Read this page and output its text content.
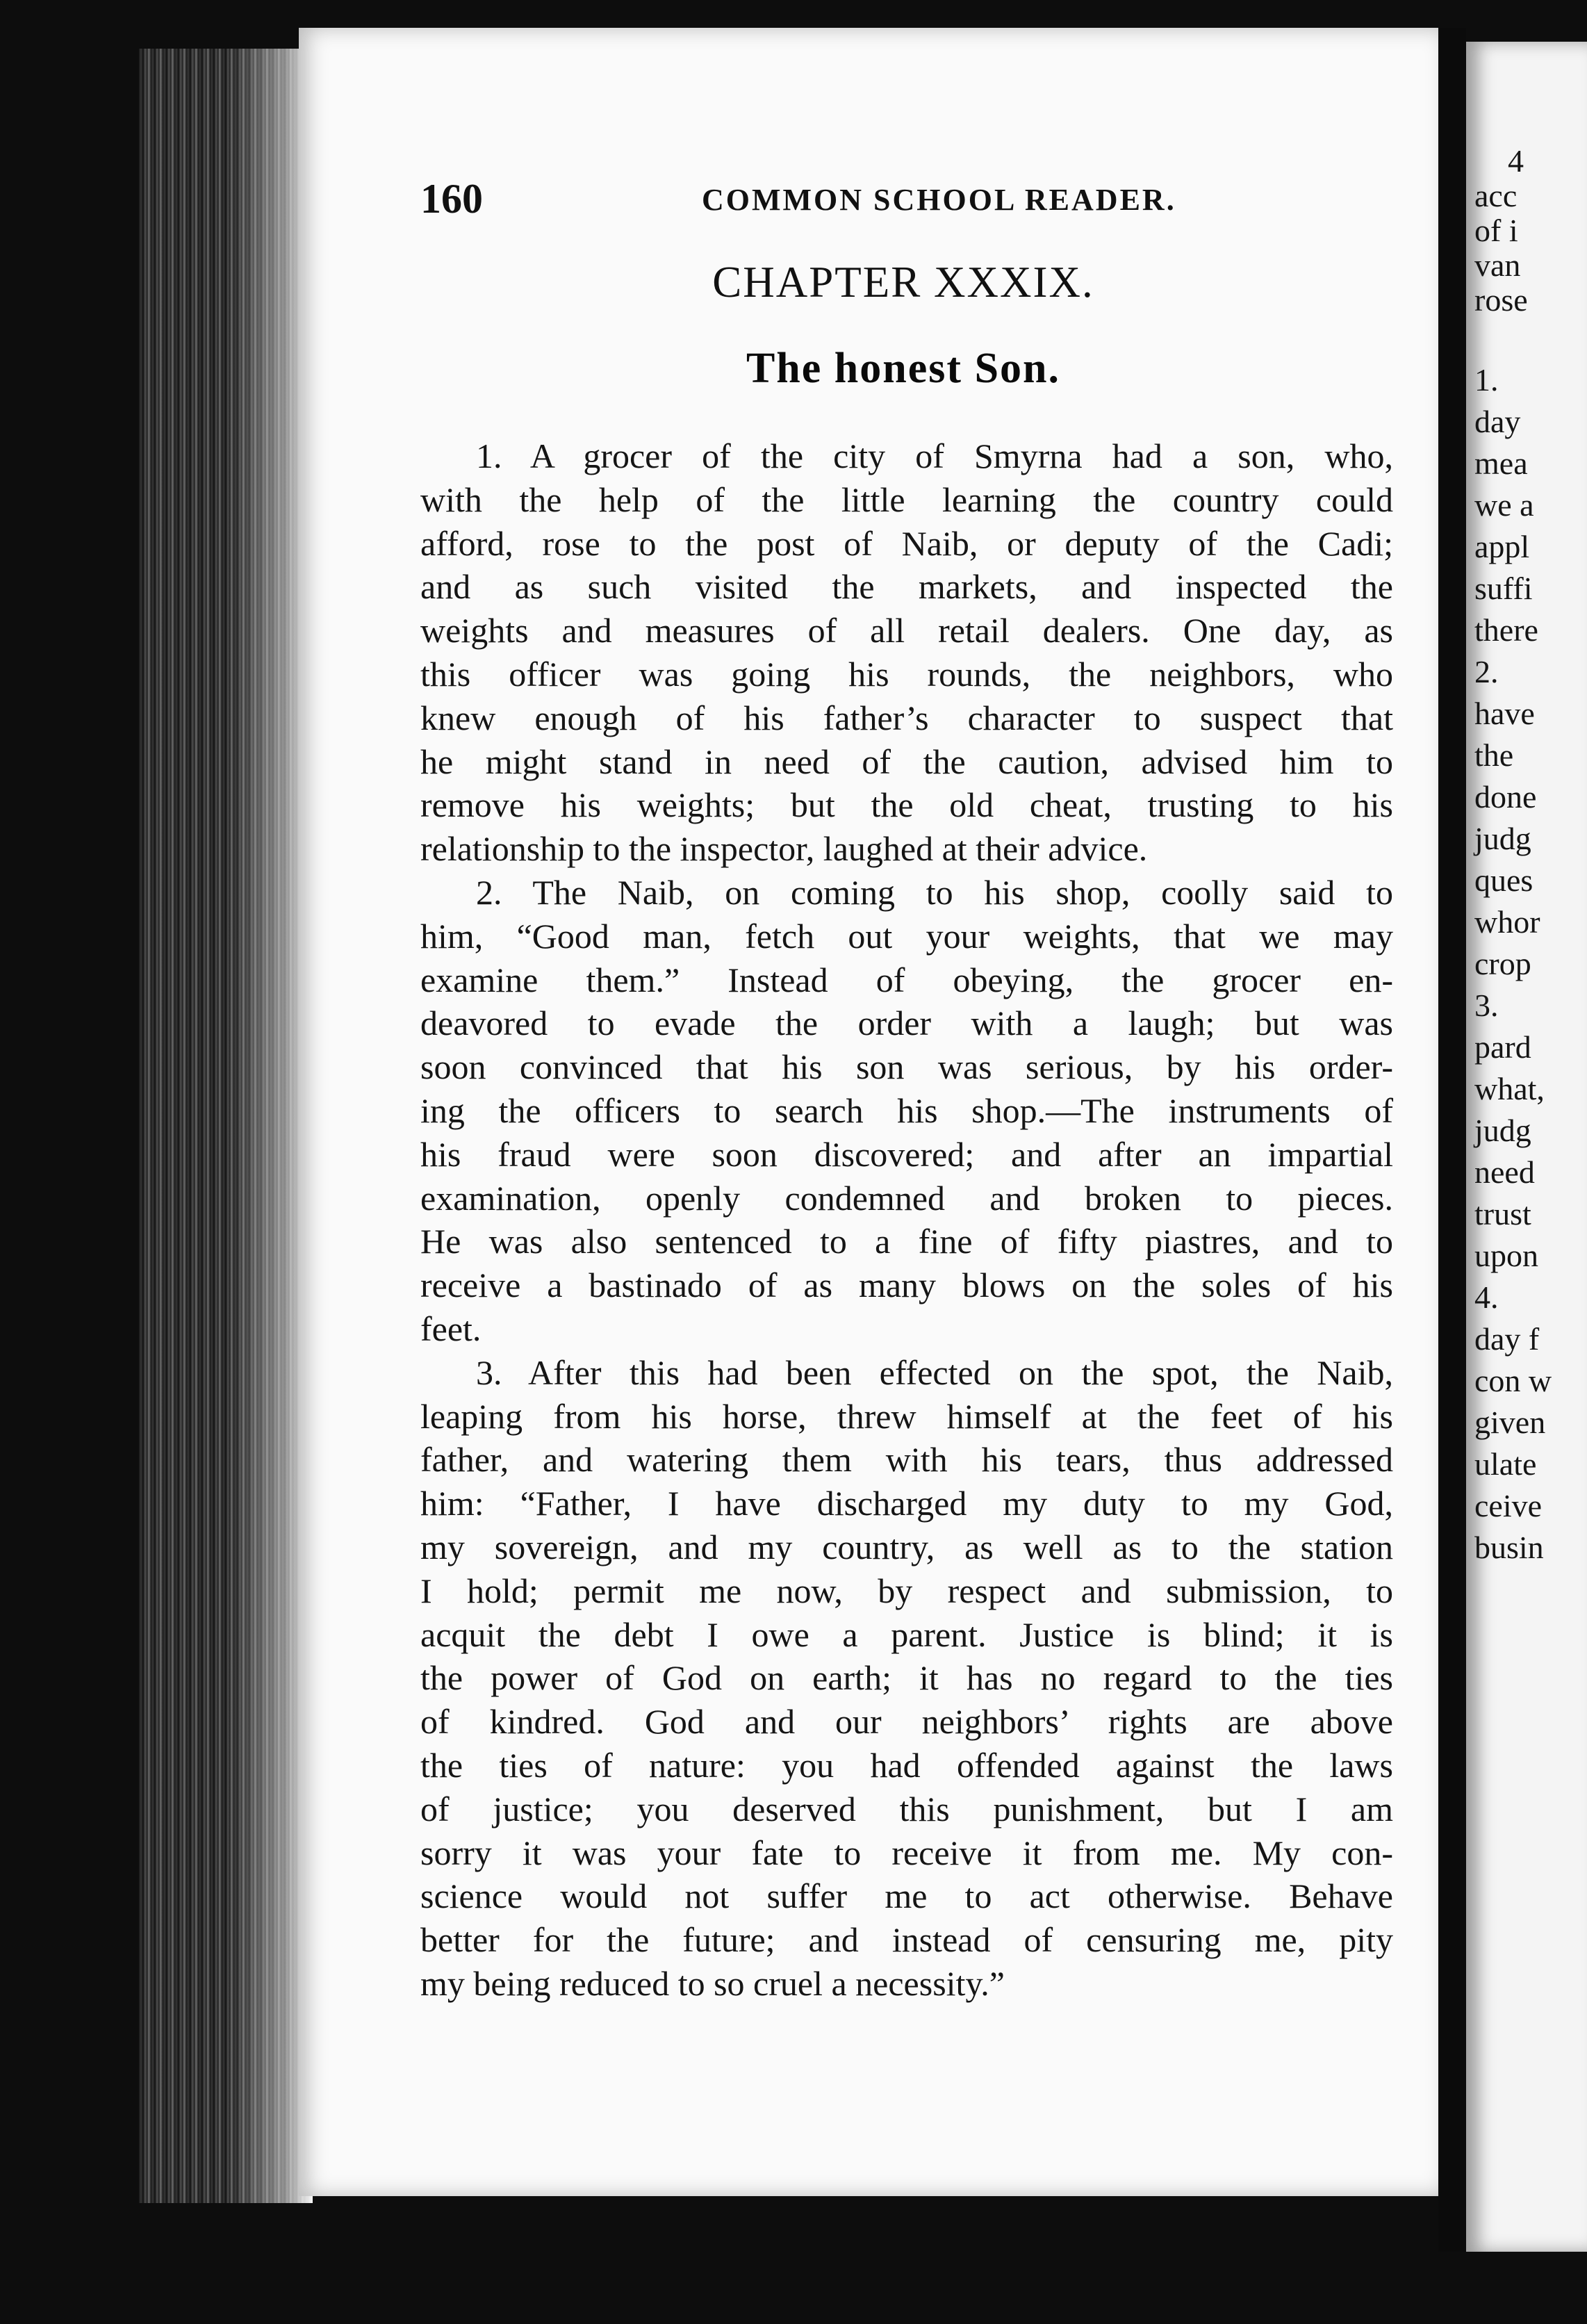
4
acc
of i
van
rose
1.
day
mea
we a
appl
suffi
there
2.
have
the
done
judg
ques
whor
crop
3.
pard
what,
judg
need
trust
upon
4.
day f
con w
given
ulate
ceive
busin
160	COMMON SCHOOL READER.
CHAPTER XXXIX.
The honest Son.
1. A grocer of the city of Smyrna had a son, who,
with the help of the little learning the country could
afford, rose to the post of Naib, or deputy of the Cadi;
and as such visited the markets, and inspected the
weights and measures of all retail dealers. One day, as
this officer was going his rounds, the neighbors, who
knew enough of his father’s character to suspect that
he might stand in need of the caution, advised him to
remove his weights; but the old cheat, trusting to his
relationship to the inspector, laughed at their advice.
2. The Naib, on coming to his shop, coolly said to
him, “Good man, fetch out your weights, that we may
examine them.” Instead of obeying, the grocer en-
deavored to evade the order with a laugh; but was
soon convinced that his son was serious, by his order-
ing the officers to search his shop.—The instruments of
his fraud were soon discovered; and after an impartial
examination, openly condemned and broken to pieces.
He was also sentenced to a fine of fifty piastres, and to
receive a bastinado of as many blows on the soles of his
feet.
3. After this had been effected on the spot, the Naib,
leaping from his horse, threw himself at the feet of his
father, and watering them with his tears, thus addressed
him: “Father, I have discharged my duty to my God,
my sovereign, and my country, as well as to the station
I hold; permit me now, by respect and submission, to
acquit the debt I owe a parent. Justice is blind; it is
the power of God on earth; it has no regard to the ties
of kindred. God and our neighbors’ rights are above
the ties of nature: you had offended against the laws
of justice; you deserved this punishment, but I am
sorry it was your fate to receive it from me. My con-
science would not suffer me to act otherwise. Behave
better for the future; and instead of censuring me, pity
my being reduced to so cruel a necessity.”
